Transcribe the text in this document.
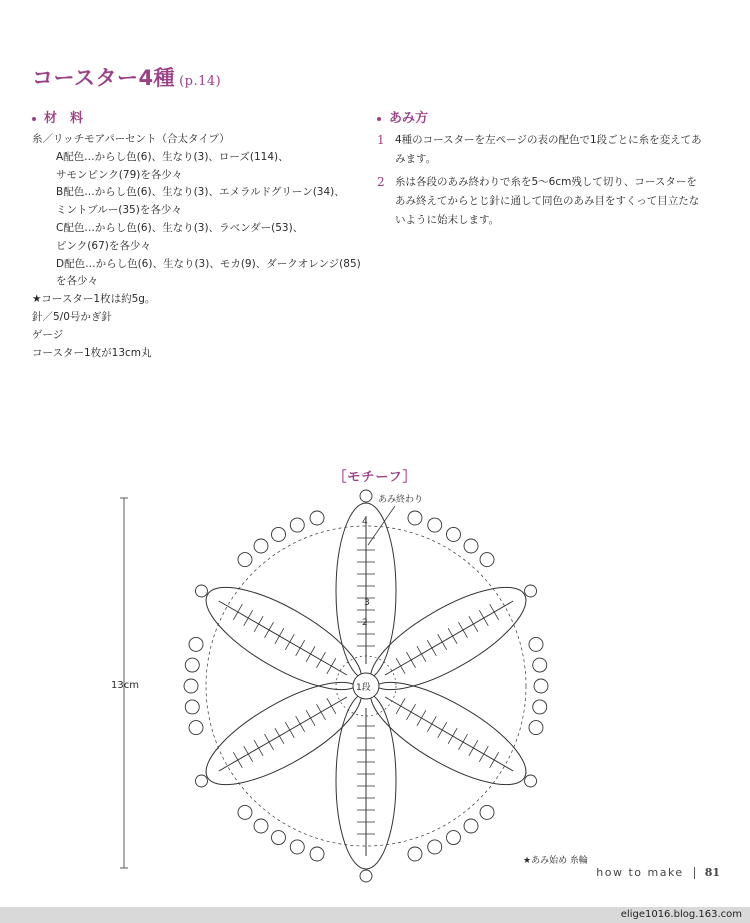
コースター4種 (p.14)
材　料
糸／リッチモアパーセント（合太タイプ）
A配色…からし色(6)、生なり(3)、ローズ(114)、
サモンピンク(79)を各少々
B配色…からし色(6)、生なり(3)、エメラルドグリーン(34)、
ミントブルー(35)を各少々
C配色…からし色(6)、生なり(3)、ラベンダー(53)、
ピンク(67)を各少々
D配色…からし色(6)、生なり(3)、モカ(9)、ダークオレンジ(85)
を各少々
★コースター1枚は約5g。
針／5/0号かぎ針
ゲージ
コースター1枚が13cm丸
あみ方
1 4種のコースターを左ページの表の配色で1段ごとに糸を変えてあみます。
2 糸は各段のあみ終わりで糸を5〜6cm残して切り、コースターをあみ終えてからとじ針に通して同色のあみ目をすくって目立たないように始末します。
［モチーフ］
あみ終わり
4
3
2
1段
13cm
★あみ始め 糸輪
how to make 81
elige1016.blog.163.com
